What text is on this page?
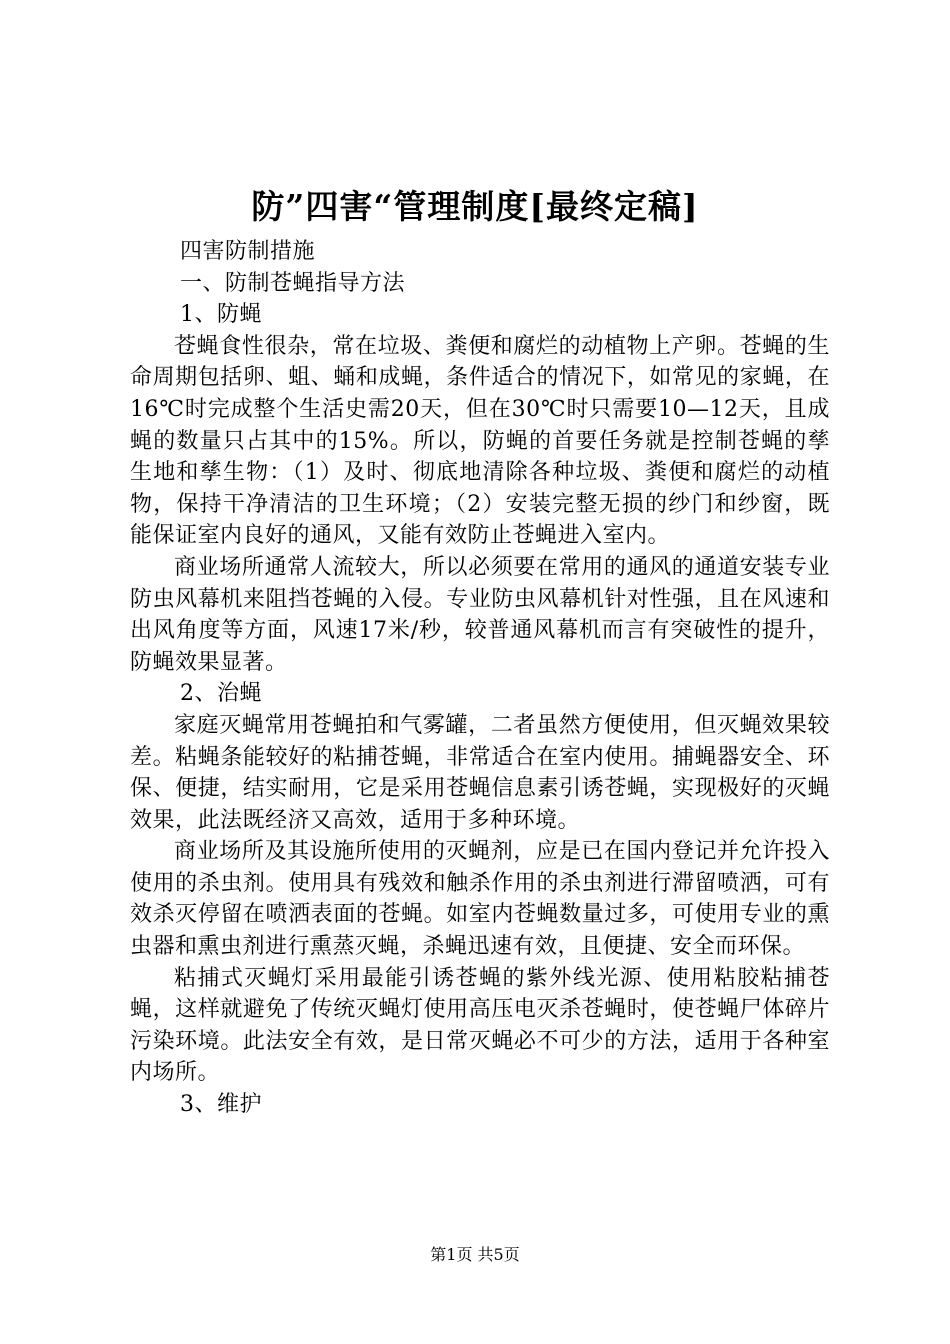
防”四害“管理制度[最终定稿]

四害防制措施

一、防制苍蝇指导方法

1、防蝇

苍蝇食性很杂，常在垃圾、粪便和腐烂的动植物上产卵。苍蝇的生命周期包括卵、蛆、蛹和成蝇，条件适合的情况下，如常见的家蝇，在16℃时完成整个生活史需20天，但在30℃时只需要10—12天，且成蝇的数量只占其中的15%。所以，防蝇的首要任务就是控制苍蝇的孳生地和孳生物：（1）及时、彻底地清除各种垃圾、粪便和腐烂的动植物，保持干净清洁的卫生环境；（2）安装完整无损的纱门和纱窗，既能保证室内良好的通风，又能有效防止苍蝇进入室内。

商业场所通常人流较大，所以必须要在常用的通风的通道安装专业防虫风幕机来阻挡苍蝇的入侵。专业防虫风幕机针对性强，且在风速和出风角度等方面，风速17米/秒，较普通风幕机而言有突破性的提升，防蝇效果显著。

2、治蝇

家庭灭蝇常用苍蝇拍和气雾罐，二者虽然方便使用，但灭蝇效果较差。粘蝇条能较好的粘捕苍蝇，非常适合在室内使用。捕蝇器安全、环保、便捷，结实耐用，它是采用苍蝇信息素引诱苍蝇，实现极好的灭蝇效果，此法既经济又高效，适用于多种环境。

商业场所及其设施所使用的灭蝇剂，应是已在国内登记并允许投入使用的杀虫剂。使用具有残效和触杀作用的杀虫剂进行滞留喷洒，可有效杀灭停留在喷洒表面的苍蝇。如室内苍蝇数量过多，可使用专业的熏虫器和熏虫剂进行熏蒸灭蝇，杀蝇迅速有效，且便捷、安全而环保。

粘捕式灭蝇灯采用最能引诱苍蝇的紫外线光源、使用粘胶粘捕苍蝇，这样就避免了传统灭蝇灯使用高压电灭杀苍蝇时，使苍蝇尸体碎片污染环境。此法安全有效，是日常灭蝇必不可少的方法，适用于各种室内场所。

3、维护

第1页 共5页
